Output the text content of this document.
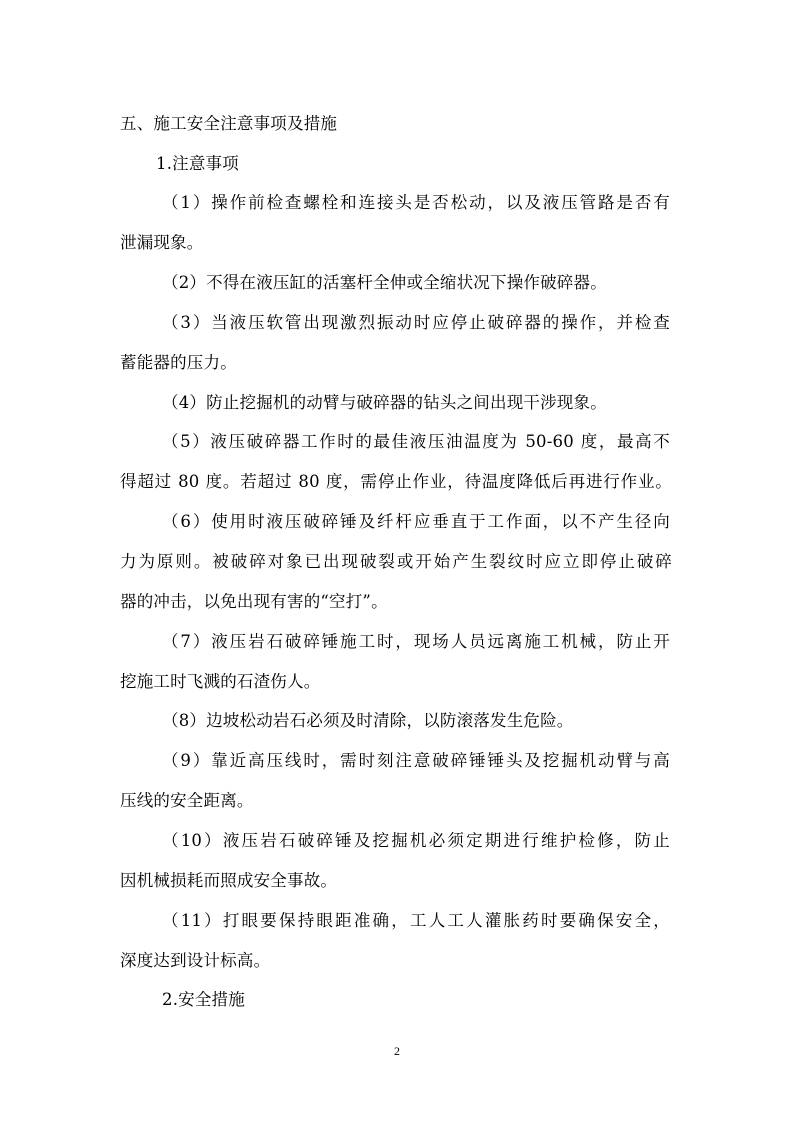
五、施工安全注意事项及措施
1.注意事项
（1）操作前检查螺栓和连接头是否松动，以及液压管路是否有
泄漏现象。
（2）不得在液压缸的活塞杆全伸或全缩状况下操作破碎器。
（3）当液压软管出现激烈振动时应停止破碎器的操作，并检查
蓄能器的压力。
（4）防止挖掘机的动臂与破碎器的钻头之间出现干涉现象。
（5）液压破碎器工作时的最佳液压油温度为 50-60 度，最高不
得超过 80 度。若超过 80 度，需停止作业，待温度降低后再进行作业。
（6）使用时液压破碎锤及纤杆应垂直于工作面，以不产生径向
力为原则。被破碎对象已出现破裂或开始产生裂纹时应立即停止破碎
器的冲击，以免出现有害的“空打”。
（7）液压岩石破碎锤施工时，现场人员远离施工机械，防止开
挖施工时飞溅的石渣伤人。
（8）边坡松动岩石必须及时清除，以防滚落发生危险。
（9）靠近高压线时，需时刻注意破碎锤锤头及挖掘机动臂与高
压线的安全距离。
（10）液压岩石破碎锤及挖掘机必须定期进行维护检修，防止
因机械损耗而照成安全事故。
（11）打眼要保持眼距准确，工人工人灌胀药时要确保安全，
深度达到设计标高。
2.安全措施
2
